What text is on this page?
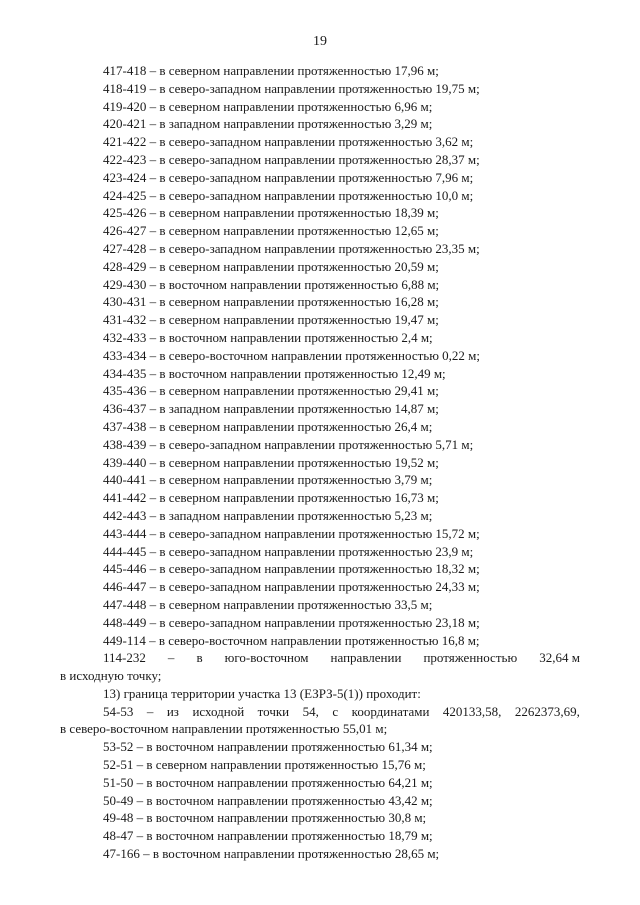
19
417-418 – в северном направлении протяженностью 17,96 м;
418-419 – в северо-западном направлении протяженностью 19,75 м;
419-420 – в северном направлении протяженностью 6,96 м;
420-421 – в западном направлении протяженностью 3,29 м;
421-422 – в северо-западном направлении протяженностью 3,62 м;
422-423 – в северо-западном направлении протяженностью 28,37 м;
423-424 – в северо-западном направлении протяженностью 7,96 м;
424-425 – в северо-западном направлении протяженностью 10,0 м;
425-426 – в северном направлении протяженностью 18,39 м;
426-427 – в северном направлении протяженностью 12,65 м;
427-428 – в северо-западном направлении протяженностью 23,35 м;
428-429 – в северном направлении протяженностью 20,59 м;
429-430 – в восточном направлении протяженностью 6,88 м;
430-431 – в северном направлении протяженностью 16,28 м;
431-432 – в северном направлении протяженностью 19,47 м;
432-433 – в восточном направлении протяженностью 2,4 м;
433-434 – в северо-восточном направлении протяженностью 0,22 м;
434-435 – в восточном направлении протяженностью 12,49 м;
435-436 – в северном направлении протяженностью 29,41 м;
436-437 – в западном направлении протяженностью 14,87 м;
437-438 – в северном направлении протяженностью 26,4 м;
438-439 – в северо-западном направлении протяженностью 5,71 м;
439-440 – в северном направлении протяженностью 19,52 м;
440-441 – в северном направлении протяженностью 3,79 м;
441-442 – в северном направлении протяженностью 16,73 м;
442-443 – в западном направлении протяженностью 5,23 м;
443-444 – в северо-западном направлении протяженностью 15,72 м;
444-445 – в северо-западном направлении протяженностью 23,9 м;
445-446 – в северо-западном направлении протяженностью 18,32 м;
446-447 – в северо-западном направлении протяженностью 24,33 м;
447-448 – в северном направлении протяженностью 33,5 м;
448-449 – в северо-западном направлении протяженностью 23,18 м;
449-114 – в северо-восточном направлении протяженностью 16,8 м;
114-232 – в юго-восточном направлении протяженностью 32,64 м
в исходную точку;
13) граница территории участка 13 (ЕЗРЗ-5(1)) проходит:
54-53 – из исходной точки 54, с координатами 420133,58, 2262373,69,
в северо-восточном направлении протяженностью 55,01 м;
53-52 – в восточном направлении протяженностью 61,34 м;
52-51 – в северном направлении протяженностью 15,76 м;
51-50 – в восточном направлении протяженностью 64,21 м;
50-49 – в восточном направлении протяженностью 43,42 м;
49-48 – в восточном направлении протяженностью 30,8 м;
48-47 – в восточном направлении протяженностью 18,79 м;
47-166 – в восточном направлении протяженностью 28,65 м;
